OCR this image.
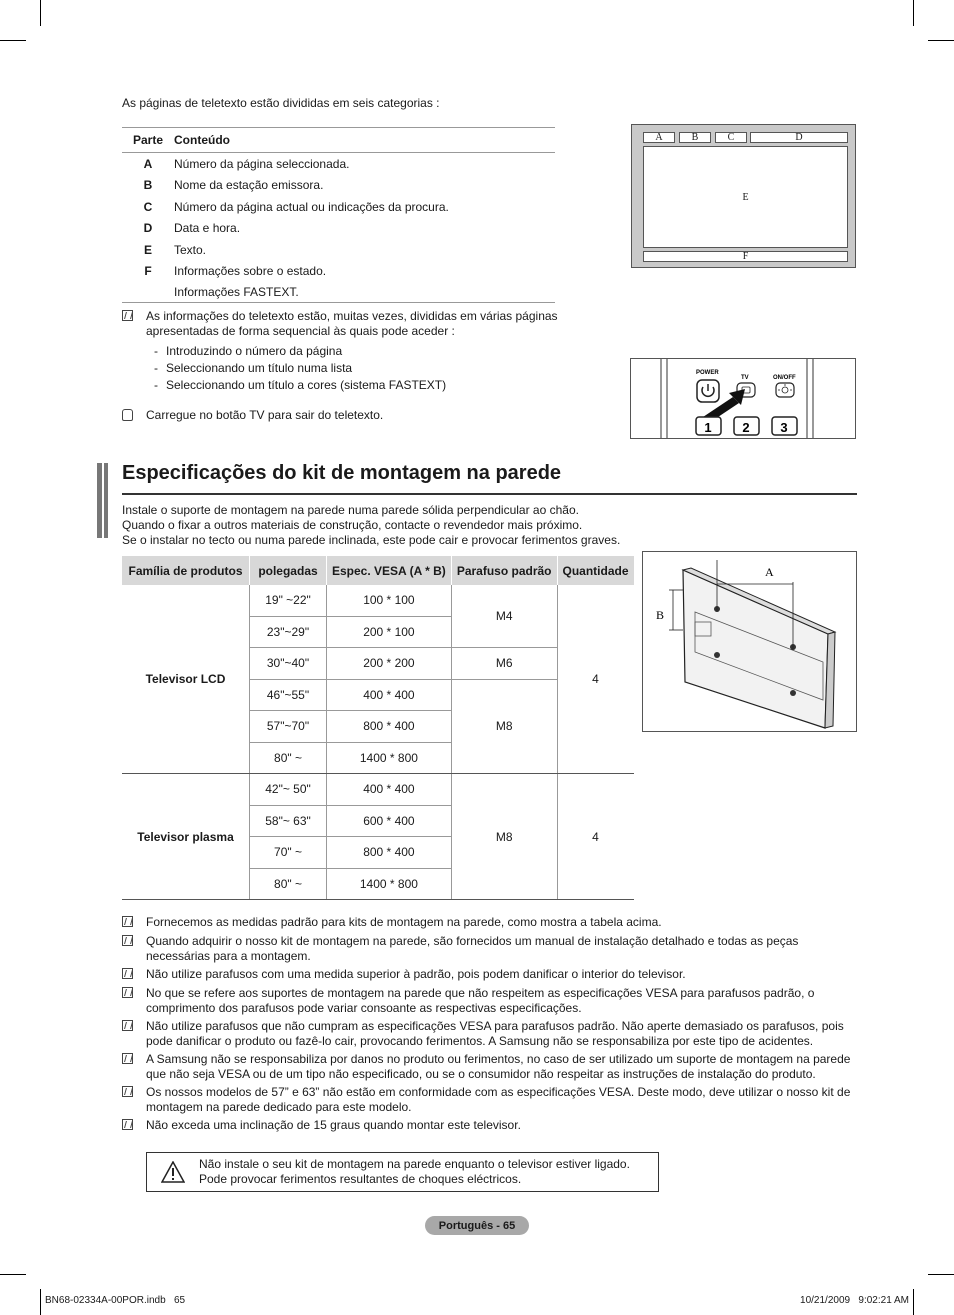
As páginas de teletexto estão divididas em seis categorias :
Parte Conteúdo
A	Número da página seleccionada.
B	Nome da estação emissora.
C	Número da página actual ou indicações da procura.
D	Data e hora.
E	Texto.
F	Informações sobre o estado.
Informações FASTEXT.
A	B	C	D
E
F
As informações do teletexto estão, muitas vezes, divididas em várias páginas apresentadas de forma sequencial às quais pode aceder :
- Introduzindo o número da página
- Seleccionando um título numa lista
- Seleccionando um título a cores (sistema FASTEXT)
Carregue no botão TV para sair do teletexto.
POWER
TV	ON/OFF
1 2 3
Especificações do kit de montagem na parede
Instale o suporte de montagem na parede numa parede sólida perpendicular ao chão.
Quando o fixar a outros materiais de construção, contacte o revendedor mais próximo.
Se o instalar no tecto ou numa parede inclinada, este pode cair e provocar ferimentos graves.
Família de produtos	polegadas	Espec. VESA (A * B)	Parafuso padrão	Quantidade
Televisor LCD	19" ~22"	100 * 100	M4	4
	23"~29"	200 * 100		
	30"~40"	200 * 200	M6	
	46"~55"	400 * 400	M8	
	57"~70"	800 * 400		
	80" ~	1400 * 800		
Televisor plasma	42"~ 50"	400 * 400	M8	4
	58"~ 63"	600 * 400		
	70" ~	800 * 400		
	80" ~	1400 * 800		
A
B
Fornecemos as medidas padrão para kits de montagem na parede, como mostra a tabela acima.
Quando adquirir o nosso kit de montagem na parede, são fornecidos um manual de instalação detalhado e todas as peças necessárias para a montagem.
Não utilize parafusos com uma medida superior à padrão, pois podem danificar o interior do televisor.
No que se refere aos suportes de montagem na parede que não respeitem as especificações VESA para parafusos padrão, o comprimento dos parafusos pode variar consoante as respectivas especificações.
Não utilize parafusos que não cumpram as especificações VESA para parafusos padrão. Não aperte demasiado os parafusos, pois pode danificar o produto ou fazê-lo cair, provocando ferimentos. A Samsung não se responsabiliza por este tipo de acidentes.
A Samsung não se responsabiliza por danos no produto ou ferimentos, no caso de ser utilizado um suporte de montagem na parede que não seja VESA ou de um tipo não especificado, ou se o consumidor não respeitar as instruções de instalação do produto.
Os nossos modelos de 57” e 63” não estão em conformidade com as especificações VESA. Deste modo, deve utilizar o nosso kit de montagem na parede dedicado para este modelo.
Não exceda uma inclinação de 15 graus quando montar este televisor.
Não instale o seu kit de montagem na parede enquanto o televisor estiver ligado.
Pode provocar ferimentos resultantes de choques eléctricos.
Português - 65
BN68-02334A-00POR.indb   65	10/21/2009   9:02:21 AM
